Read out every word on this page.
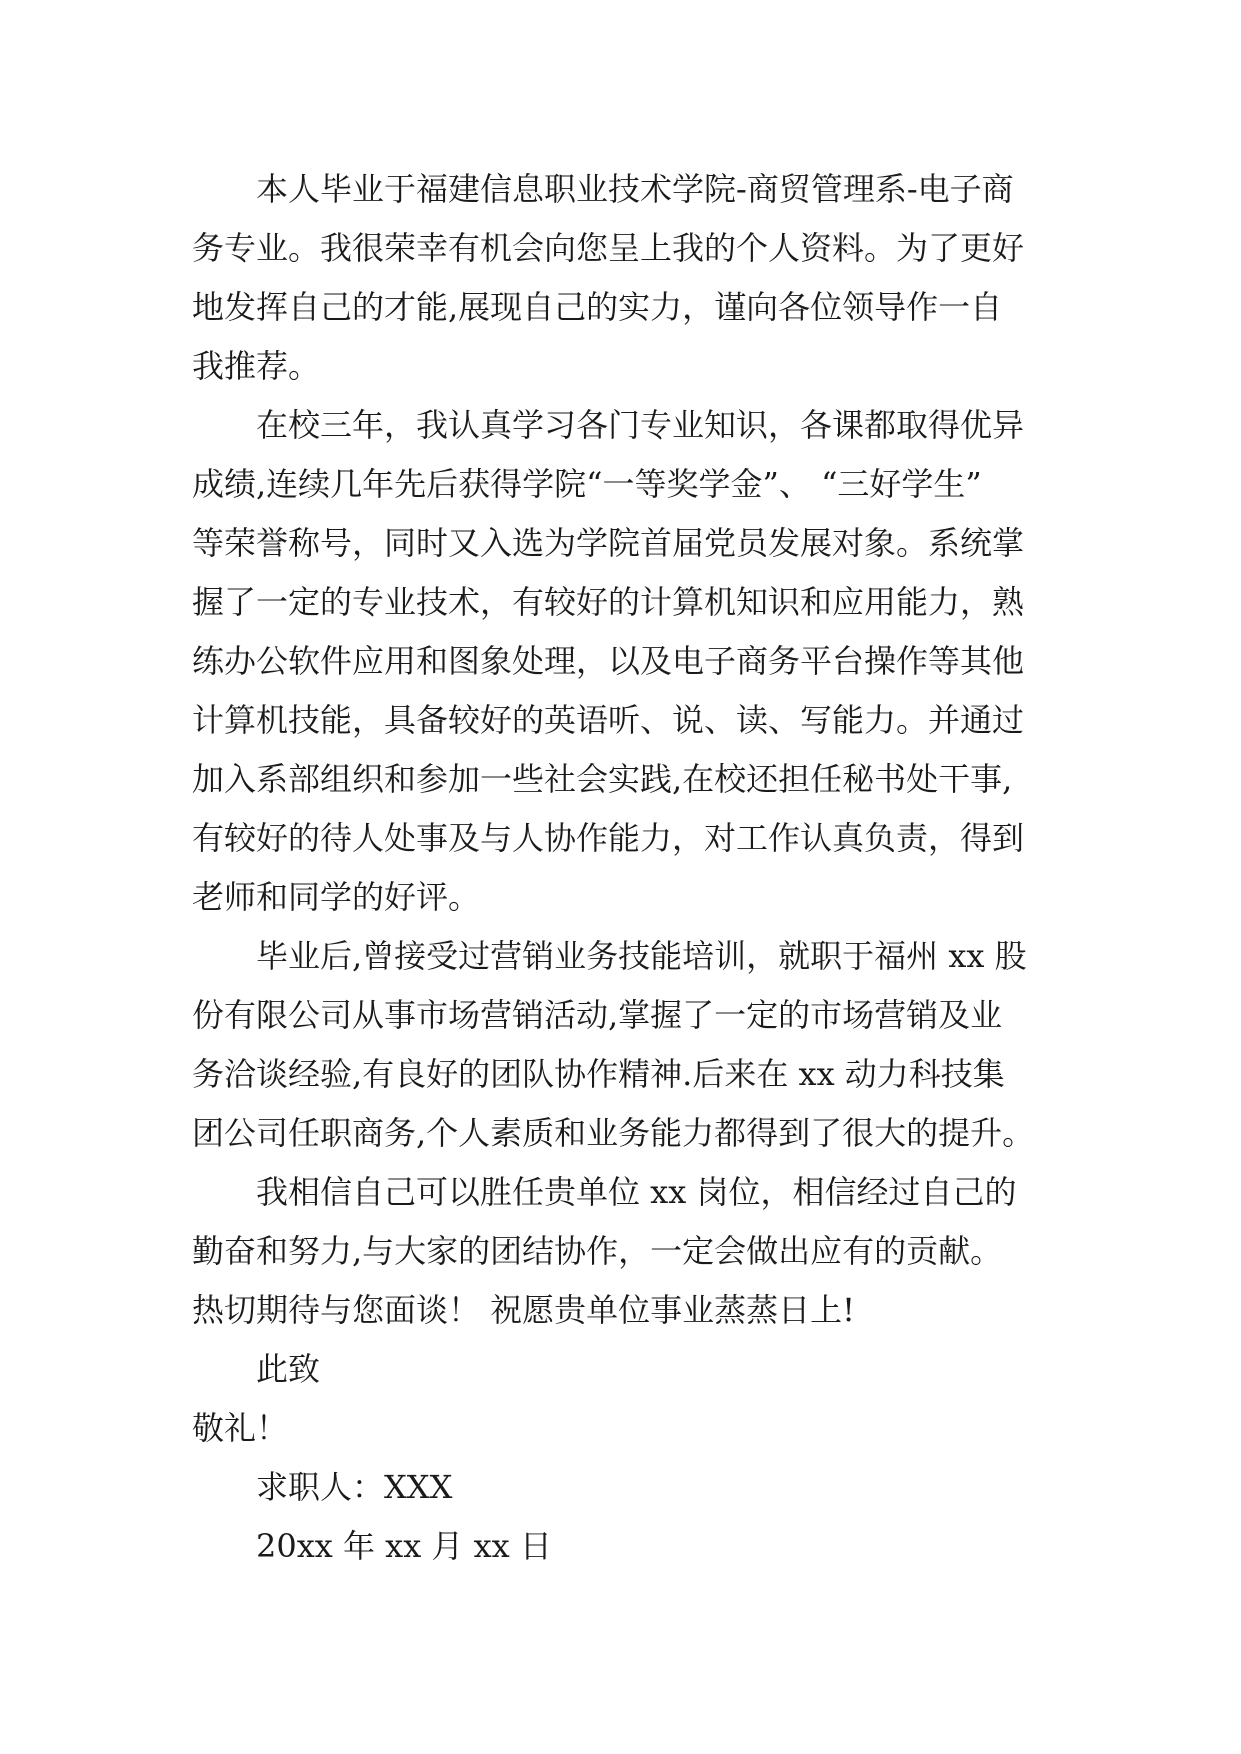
本人毕业于福建信息职业技术学院-商贸管理系-电子商
务专业。我很荣幸有机会向您呈上我的个人资料。为了更好
地发挥自己的才能,展现自己的实力，谨向各位领导作一自
我推荐。
在校三年，我认真学习各门专业知识，各课都取得优异
成绩,连续几年先后获得学院“一等奖学金”、 “三好学生”
等荣誉称号，同时又入选为学院首届党员发展对象。系统掌
握了一定的专业技术，有较好的计算机知识和应用能力，熟
练办公软件应用和图象处理，以及电子商务平台操作等其他
计算机技能，具备较好的英语听、说、读、写能力。并通过
加入系部组织和参加一些社会实践,在校还担任秘书处干事,
有较好的待人处事及与人协作能力，对工作认真负责，得到
老师和同学的好评。
毕业后,曾接受过营销业务技能培训，就职于福州 xx 股
份有限公司从事市场营销活动,掌握了一定的市场营销及业
务洽谈经验,有良好的团队协作精神.后来在 xx 动力科技集
团公司任职商务,个人素质和业务能力都得到了很大的提升。
我相信自己可以胜任贵单位 xx 岗位，相信经过自己的
勤奋和努力,与大家的团结协作，一定会做出应有的贡献。
热切期待与您面谈！ 祝愿贵单位事业蒸蒸日上!
此致
敬礼！
求职人：XXX
20xx 年 xx 月 xx 日
